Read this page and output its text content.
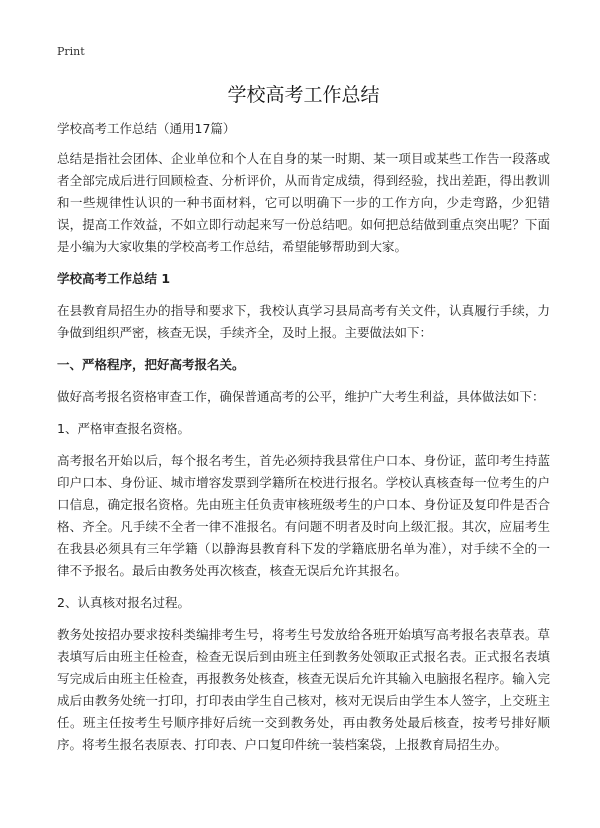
Print
学校高考工作总结
学校高考工作总结（通用17篇）

总结是指社会团体、企业单位和个人在自身的某一时期、某一项目或某些工作告一段落或者全部完成后进行回顾检查、分析评价，从而肯定成绩，得到经验，找出差距，得出教训和一些规律性认识的一种书面材料，它可以明确下一步的工作方向，少走弯路，少犯错误，提高工作效益，不如立即行动起来写一份总结吧。如何把总结做到重点突出呢？下面是小编为大家收集的学校高考工作总结，希望能够帮助到大家。

学校高考工作总结 1

在县教育局招生办的指导和要求下，我校认真学习县局高考有关文件，认真履行手续，力争做到组织严密，核查无误，手续齐全，及时上报。主要做法如下：

一、严格程序，把好高考报名关。

做好高考报名资格审查工作，确保普通高考的公平，维护广大考生利益，具体做法如下：

1、严格审查报名资格。

高考报名开始以后，每个报名考生，首先必须持我县常住户口本、身份证，蓝印考生持蓝印户口本、身份证、城市增容发票到学籍所在校进行报名。学校认真核查每一位考生的户口信息，确定报名资格。先由班主任负责审核班级考生的户口本、身份证及复印件是否合格、齐全。凡手续不全者一律不准报名。有问题不明者及时向上级汇报。其次，应届考生在我县必须具有三年学籍（以静海县教育科下发的学籍底册名单为准），对手续不全的一律不予报名。最后由教务处再次核查，核查无误后允许其报名。

2、认真核对报名过程。

教务处按招办要求按科类编排考生号，将考生号发放给各班开始填写高考报名表草表。草表填写后由班主任检查，检查无误后到由班主任到教务处领取正式报名表。正式报名表填写完成后由班主任检查，再报教务处核查，核查无误后允许其输入电脑报名程序。输入完成后由教务处统一打印，打印表由学生自己核对，核对无误后由学生本人签字，上交班主任。班主任按考生号顺序排好后统一交到教务处，再由教务处最后核查，按考号排好顺序。将考生报名表原表、打印表、户口复印件统一装档案袋，上报教育局招生办。
